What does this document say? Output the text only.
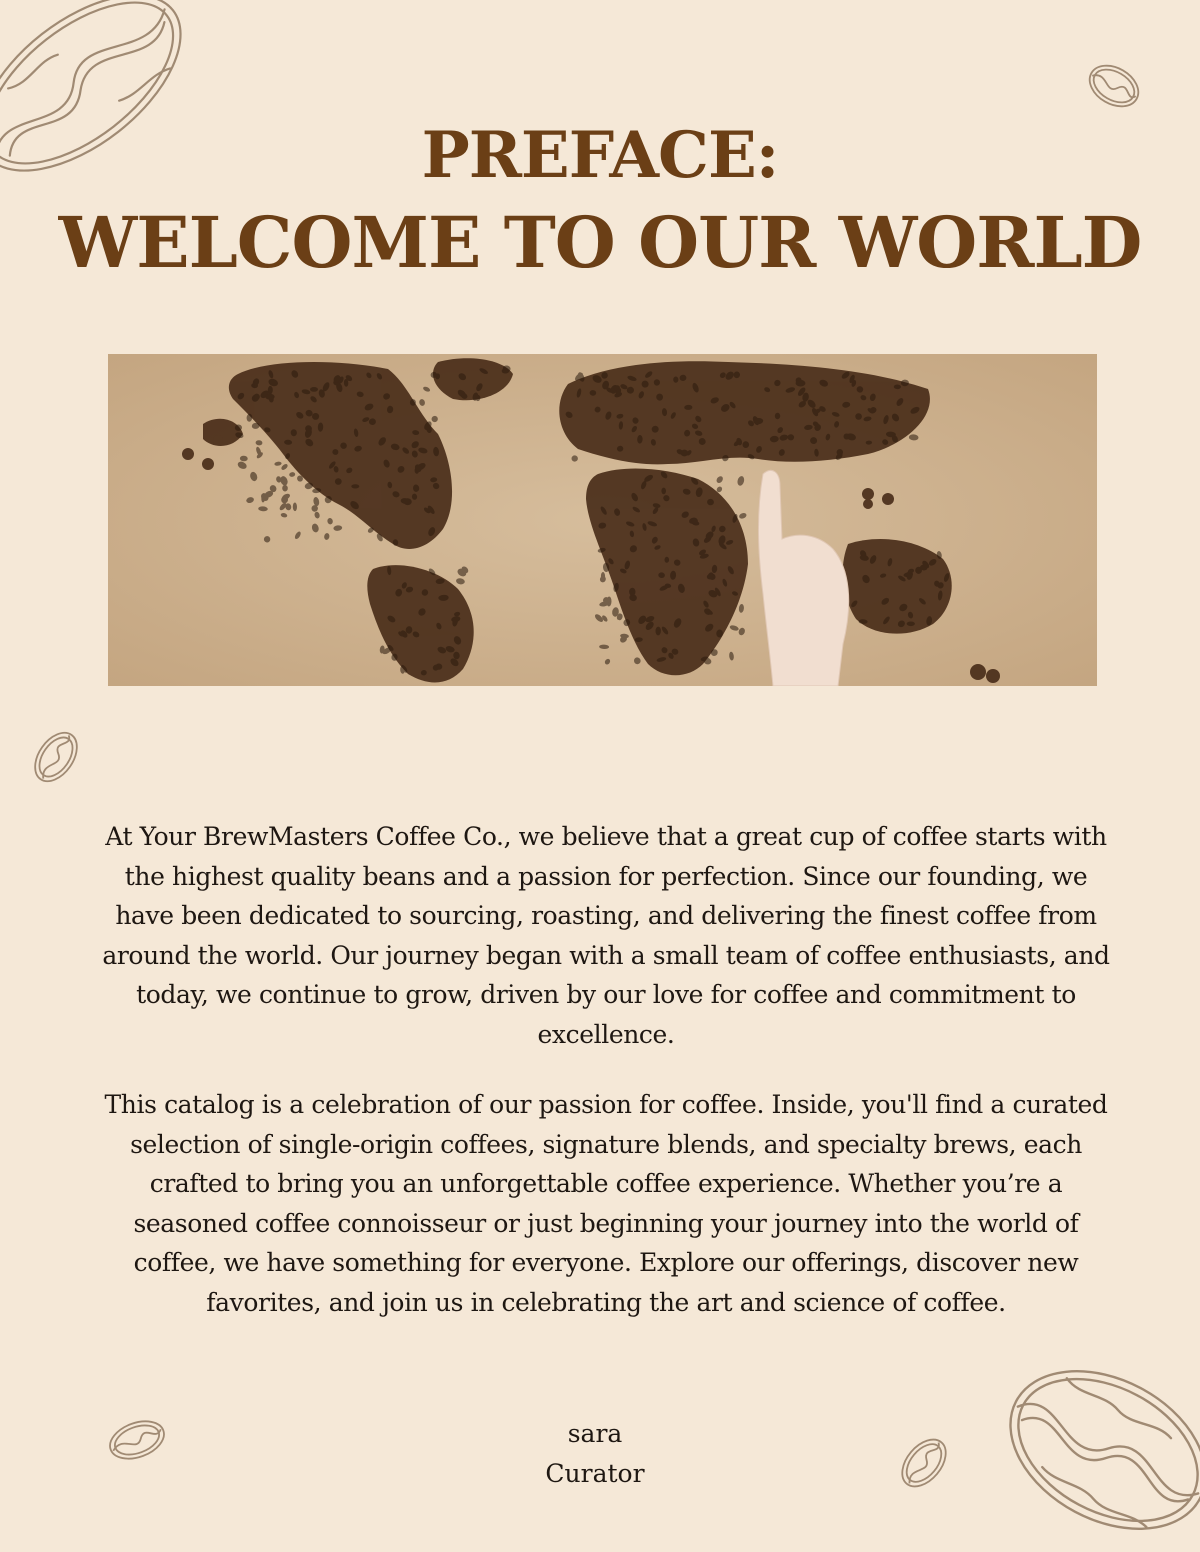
PREFACE:
WELCOME TO OUR WORLD

At Your BrewMasters Coffee Co., we believe that a great cup of coffee starts with the highest quality beans and a passion for perfection. Since our founding, we have been dedicated to sourcing, roasting, and delivering the finest coffee from around the world. Our journey began with a small team of coffee enthusiasts, and today, we continue to grow, driven by our love for coffee and commitment to excellence.

This catalog is a celebration of our passion for coffee. Inside, you'll find a curated selection of single-origin coffees, signature blends, and specialty brews, each crafted to bring you an unforgettable coffee experience. Whether you’re a seasoned coffee connoisseur or just beginning your journey into the world of coffee, we have something for everyone. Explore our offerings, discover new favorites, and join us in celebrating the art and science of coffee.

sara

Curator
